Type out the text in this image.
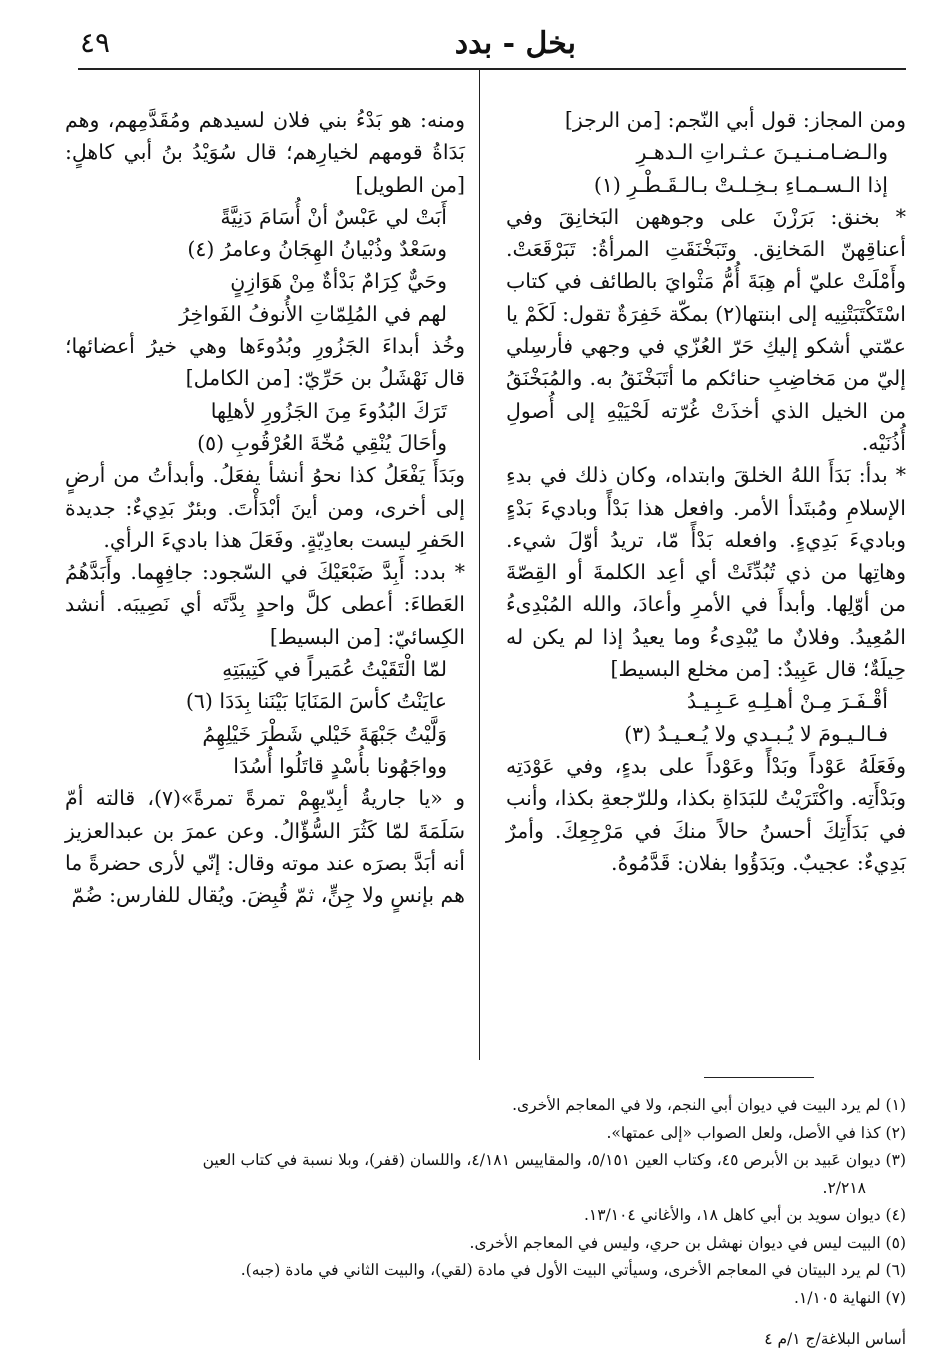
بخل - بدد
٤٩

ومن المجاز: قول أبي النّجم: [من الرجز]

والـضـامـنـيـنَ عـثـراتِ الـدهـرِ

إذا الـسـمـاءِ بـخِـلـتْ بـالـقَـطْـرِ (١)

* بخنق: بَرَزْنَ على وجوههن البَخانِقَ وفي أعناقِهنّ المَخانِق. وتَبَخْنَقَتِ المرأةُ: تَبَرْقَعَتْ. وأَمْلَتْ عليّ أم هِبَةَ أُمُّ مَثْوايَ بالطائف في كتاب اسْتَكْتَبَتْنِيه إلى ابنتها(٢) بمكّة خَفِرَةٌ تقول: لَكَمْ يا عمّتي أشكو إليكِ حَرّ العُزّي في وجهي فأرسِلي إليّ من مَخاضِبِ حنائكم ما أتَبَخْنَقُ به. والمُبَخْنَقُ من الخيل الذي أخذَتْ غُرّته لَحْيَيْهِ إلى أُصولِ أُذُنَيْه.

* بدأ: بَدَأَ اللهُ الخلقَ وابتداه، وكان ذلك في بدءِ الإسلامِ ومُبتَدأ الأمر. وافعل هذا بَدْأً وباديءَ بَدْءٍ وباديءَ بَدِيءٍ. وافعله بَدْأً مّا، تريدُ أوّلَ شيء. وهاتِها من ذي تُبُدِّئَتْ أي أعِد الكلمةَ أو القِصّةَ من أوّلِها. وأبدأَ في الأمرِ وأعادَ، والله المُبْدِىءُ المُعِيدُ. وفلانٌ ما يُبْدِىءُ وما يعيدُ إذا لم يكن له حِيلَةٌ؛ قال عَبِيدٌ: [من مخلع البسيط]

أقْـفَـرَ مِـنْ أهـلِـهِ عَـبِـيـدُ

فـالـيـومَ لا يُـبـدي ولا يُـعـيـدُ (٣)

وفَعَلَهُ عَوْداً وبَدْأً وعَوْداً على بدءٍ، وفي عَوْدَتِه وبَدْأَتِه. واكْتَرَيْتُ للبَدَاةِ بكذا، وللرّجعةِ بكذا، وأنب في بَدَأَتِكَ أحسنُ حالاً منكَ في مَرْجِعِكَ. وأمرٌ بَدِيءٌ: عجيبٌ. وبَدَؤُوا بفلان: قَدَّمُوهُ.

ومنه: هو بَدْءُ بني فلان لسيدهم ومُقَدَّمِهم، وهم بَدَاةُ قومهم لخيارِهم؛ قال سُوَيْدُ بنُ أبي كاهلٍ: [من الطويل]

أَبَتْ لي عَبْسٌ أنْ أُسَامَ دَنِيَّةً

وسَعْدٌ وذُبْيانُ الهِجَانُ وعامرُ (٤)

وحَيٌّ كِرَامٌ بَدْأةٌ مِنْ هَوَازِنٍ

لهم في المُلِمّاتِ الأُنوفُ الفَواخِرُ

وخُذ أبداءَ الجَزُورِ وبُدُوءَها وهي خيرُ أعضائها؛ قال نَهْشَلُ بن حَرِّيّ: [من الكامل]

تَرَكَ البُدُوءَ مِنَ الجَزُورِ لأهلِها

وأحَالَ يُنْقِي مُخّةَ العُرْقُوبِ (٥)

وبَدَأَ يَفْعَلُ كذا نحوُ أنشأ يفعَلُ. وأبدأتُ من أرضٍ إلى أخرى، ومن أينَ أبْدَأْتَ. وبئرٌ بَدِيءٌ: جديدة الحَفرِ ليست بعادِيّةٍ. وفَعَلَ هذا باديءَ الرأي.

* بدد: أَبِدَّ ضَبْعَيْكَ في السّجود: جافِهِما. وأَبَدَّهُمُ العَطاءَ: أعطى كلَّ واحدٍ بِدَّتَه أي نَصِيبَه. أنشد الكِسائيّ: [من البسيط]

لمّا الْتَقَيْتُ عُمَيراً في كَتِيبَتِهِ

عايَنْتُ كأسَ المَنَايَا بَيْنَنا بِدَدَا (٦)

وَلَّيْتُ جَبْهَةَ خَيْلي شَطْرَ خَيْلِهِمُ

وواجَهُونا بأُسْدٍ قاتَلُوا أُسُدَا

و «يا جاريةُ أبِدّيهِمْ تمرةً تمرةً»(٧)، قالته أمّ سَلَمَةَ لمّا كَثُرَ السُّؤّالُ. وعن عمرَ بن عبدالعزيز أنه أبَدَّ بصرَه عند موته وقال: إنّي لأرى حضرةً ما هم بإنسٍ ولا جِنٍّ، ثمّ قُبِضَ. ويُقال للفارس: ضُمّ

(١) لم يرد البيت في ديوان أبي النجم، ولا في المعاجم الأخرى.
(٢) كذا في الأصل، ولعل الصواب «إلى عمتها».
(٣) ديوان عَبيد بن الأبرص ٤٥، وكتاب العين ٥/١٥١، والمقاييس ٤/١٨١، واللسان (قفر)، وبلا نسبة في كتاب العين
٢/٢١٨.
(٤) ديوان سويد بن أبي كاهل ١٨، والأغاني ١٣/١٠٤.
(٥) البيت ليس في ديوان نهشل بن حري، وليس في المعاجم الأخرى.
(٦) لم يرد البيتان في المعاجم الأخرى، وسيأتي البيت الأول في مادة (لقي)، والبيت الثاني في مادة (جبه).
(٧) النهاية ١/١٠٥.
أساس البلاغة/ج ١/م ٤
